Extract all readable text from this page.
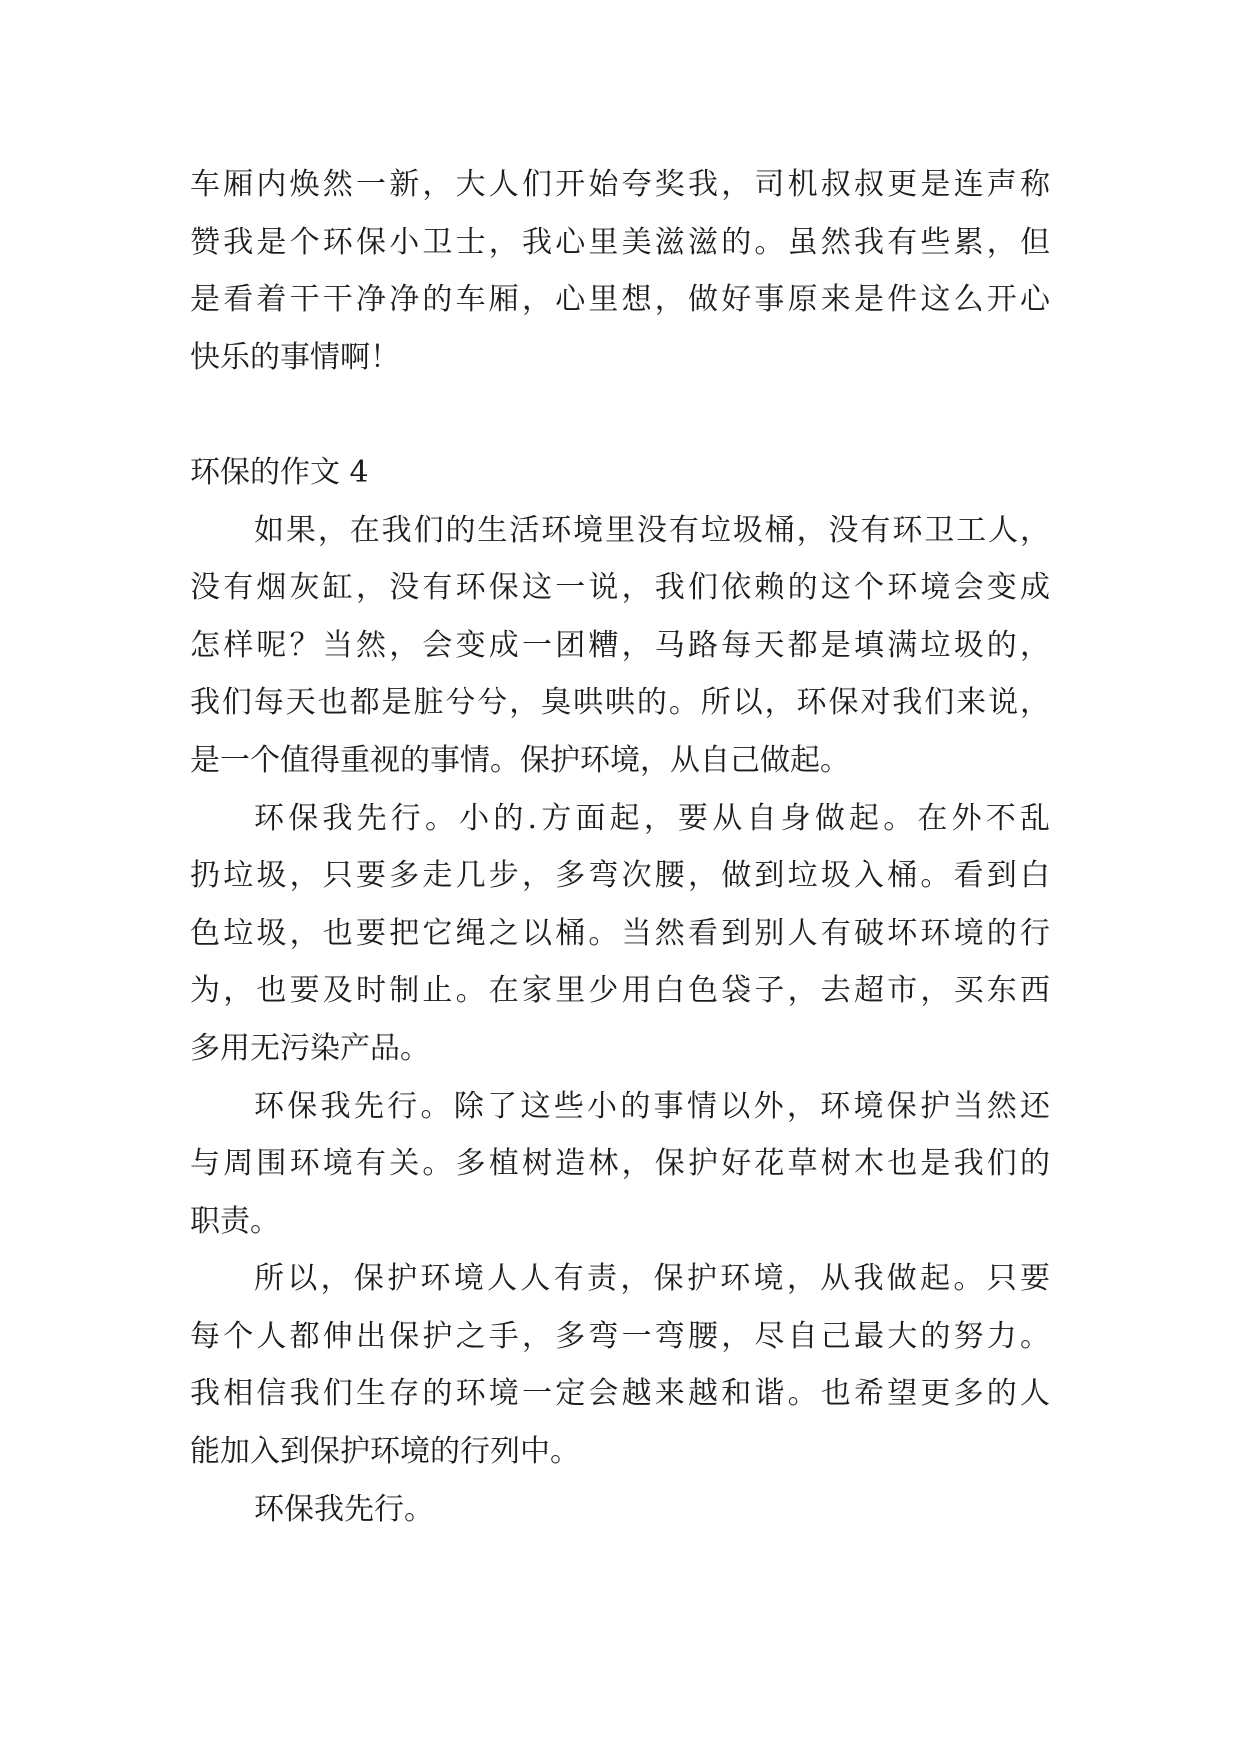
车厢内焕然一新，大人们开始夸奖我，司机叔叔更是连声称
赞我是个环保小卫士，我心里美滋滋的。虽然我有些累，但
是看着干干净净的车厢，心里想，做好事原来是件这么开心
快乐的事情啊！
环保的作文 4
如果，在我们的生活环境里没有垃圾桶，没有环卫工人，
没有烟灰缸，没有环保这一说，我们依赖的这个环境会变成
怎样呢？当然，会变成一团糟，马路每天都是填满垃圾的，
我们每天也都是脏兮兮，臭哄哄的。所以，环保对我们来说，
是一个值得重视的事情。保护环境，从自己做起。
环保我先行。小的.方面起，要从自身做起。在外不乱
扔垃圾，只要多走几步，多弯次腰，做到垃圾入桶。看到白
色垃圾，也要把它绳之以桶。当然看到别人有破坏环境的行
为，也要及时制止。在家里少用白色袋子，去超市，买东西
多用无污染产品。
环保我先行。除了这些小的事情以外，环境保护当然还
与周围环境有关。多植树造林，保护好花草树木也是我们的
职责。
所以，保护环境人人有责，保护环境，从我做起。只要
每个人都伸出保护之手，多弯一弯腰，尽自己最大的努力。
我相信我们生存的环境一定会越来越和谐。也希望更多的人
能加入到保护环境的行列中。
环保我先行。
